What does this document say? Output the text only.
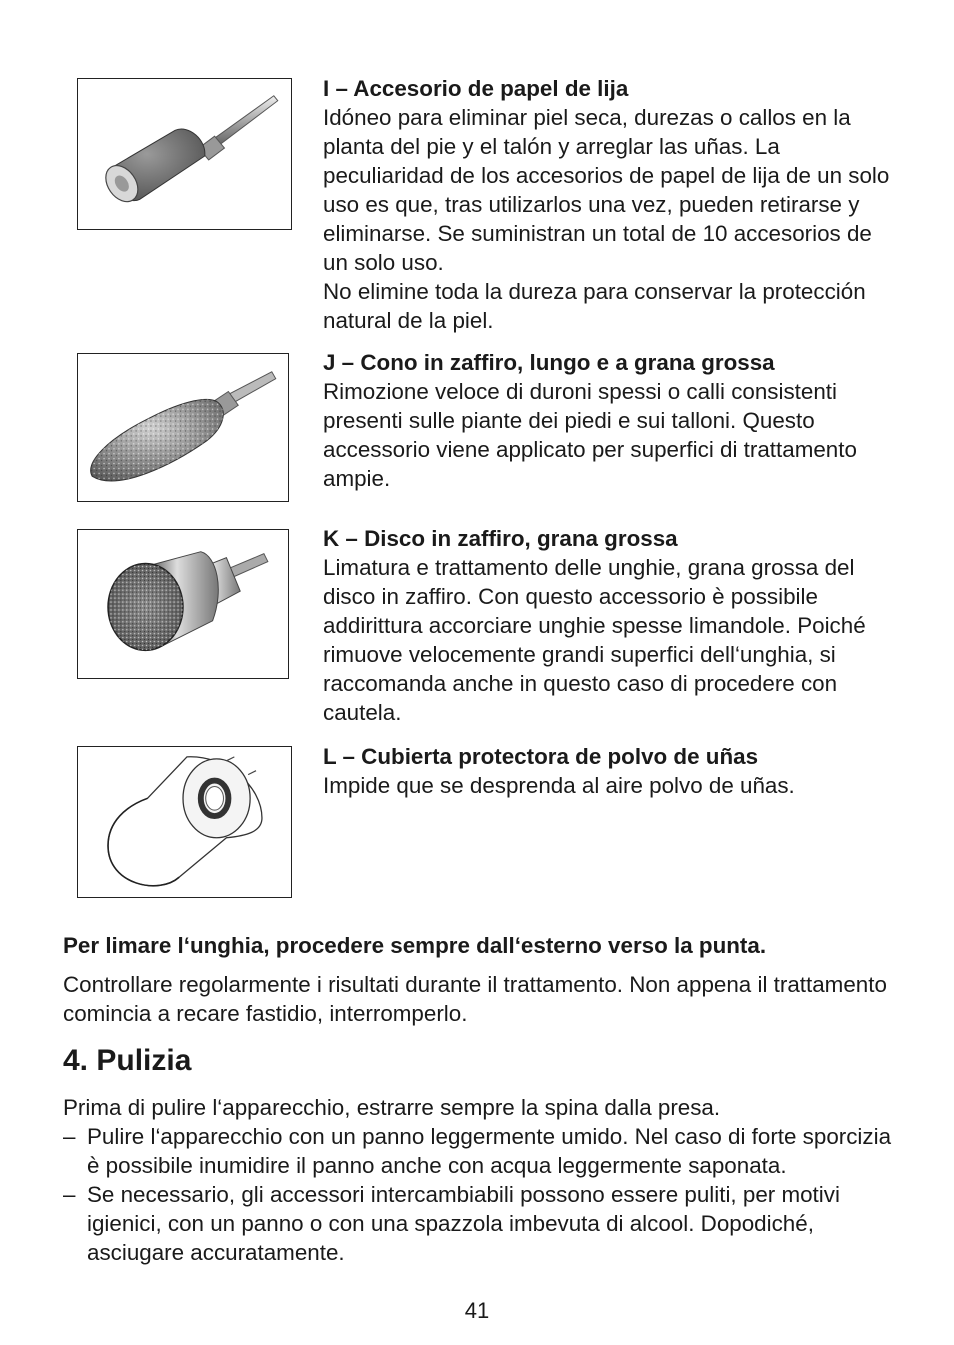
I – Accesorio de papel de lija

Idóneo para eliminar piel seca, durezas o callos en la planta del pie y el talón y arreglar las uñas. La peculiaridad de los accesorios de papel de lija de un solo uso es que, tras utilizarlos una vez, pueden retirarse y eliminarse. Se suministran un total de 10 accesorios de un solo uso.

No elimine toda la dureza para conservar la protección natural de la piel.

J – Cono in zaffiro, lungo e a grana grossa

Rimozione veloce di duroni spessi o calli consistenti presenti sulle piante dei piedi e sui talloni. Questo accessorio viene applicato per superfici di trattamento ampie.

K – Disco in zaffiro, grana grossa

Limatura e trattamento delle unghie, grana grossa del disco in zaffiro. Con questo accessorio è possibile addirittura accorciare unghie spesse limandole. Poiché rimuove velocemente grandi superfici dell‘unghia, si raccomanda anche in questo caso di procedere con cautela.

L – Cubierta protectora de polvo de uñas

Impide que se desprenda al aire polvo de uñas.

Per limare l‘unghia, procedere sempre dall‘esterno verso la punta.

Controllare regolarmente i risultati durante il trattamento. Non appena il trattamento comincia a recare fastidio, interromperlo.

4. Pulizia

Prima di pulire l‘apparecchio, estrarre sempre la spina dalla presa.

– Pulire l‘apparecchio con un panno leggermente umido. Nel caso di forte sporcizia è possibile inumidire il panno anche con acqua leggermente saponata.
– Se necessario, gli accessori intercambiabili possono essere puliti, per motivi igienici, con un panno o con una spazzola imbevuta di alcool. Dopodiché, asciugare accuratamente.
41
